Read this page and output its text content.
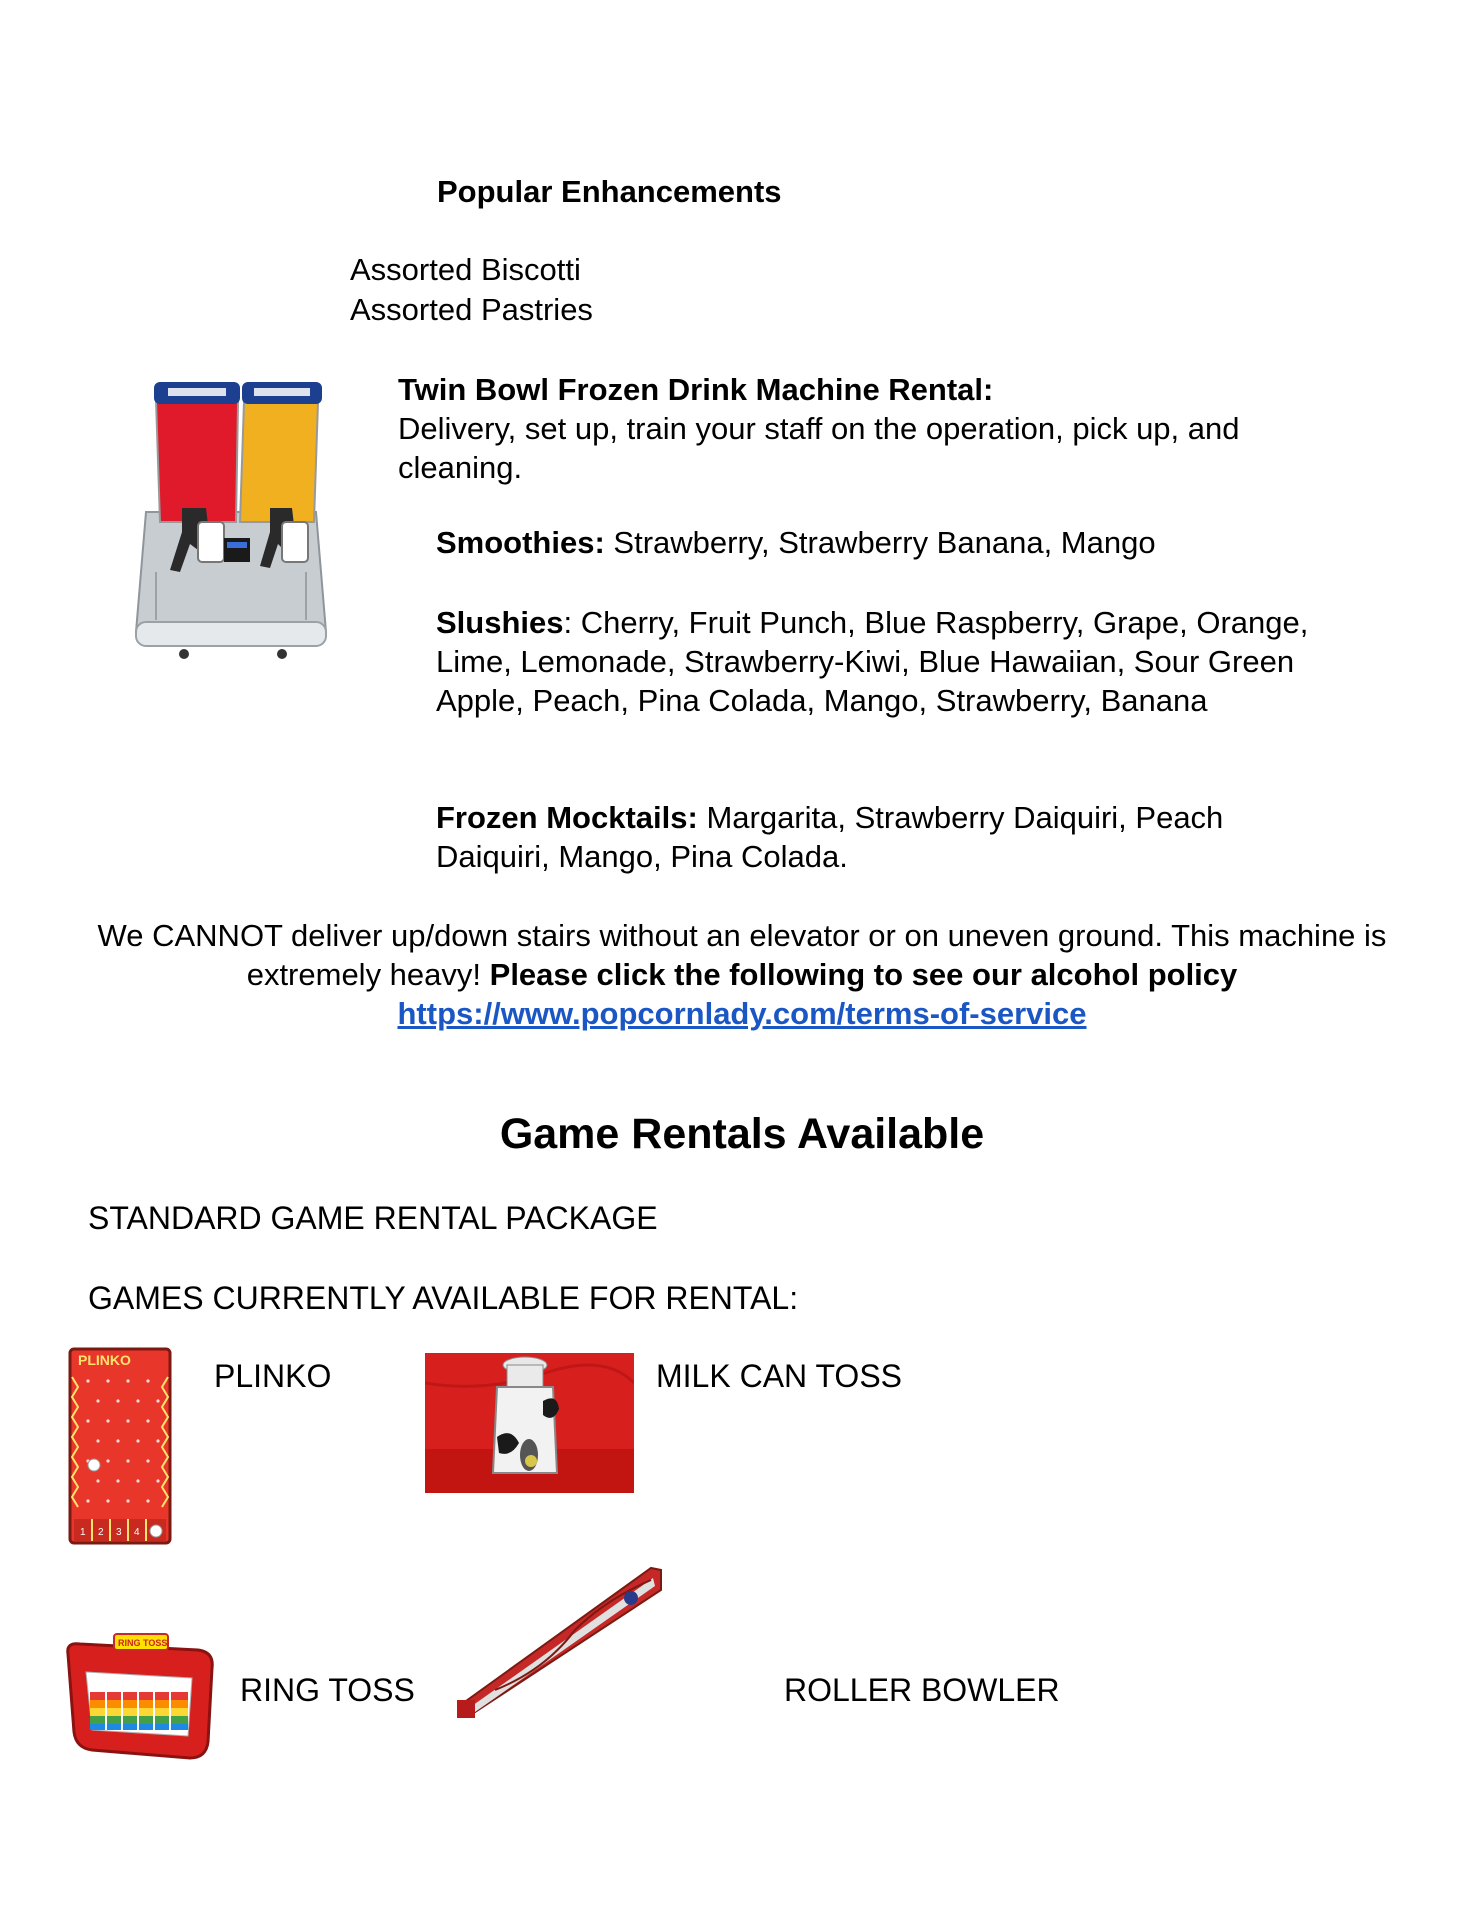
Popular Enhancements
Assorted Biscotti
Assorted Pastries
Twin Bowl Frozen Drink Machine Rental:
Delivery, set up, train your staff on the operation, pick up, and cleaning.
Smoothies: Strawberry, Strawberry Banana, Mango
Slushies: Cherry, Fruit Punch, Blue Raspberry, Grape, Orange, Lime, Lemonade, Strawberry-Kiwi, Blue Hawaiian, Sour Green Apple, Peach, Pina Colada, Mango, Strawberry, Banana
Frozen Mocktails: Margarita, Strawberry Daiquiri, Peach Daiquiri, Mango, Pina Colada.
We CANNOT deliver up/down stairs without an elevator or on uneven ground. This machine is extremely heavy! Please click the following to see our alcohol policy
https://www.popcornlady.com/terms-of-service
Game Rentals Available
STANDARD GAME RENTAL PACKAGE
GAMES CURRENTLY AVAILABLE FOR RENTAL:
PLINKO
1 2 3 4
PLINKO	MILK CAN TOSS
RING TOSS
RING TOSS	ROLLER BOWLER
